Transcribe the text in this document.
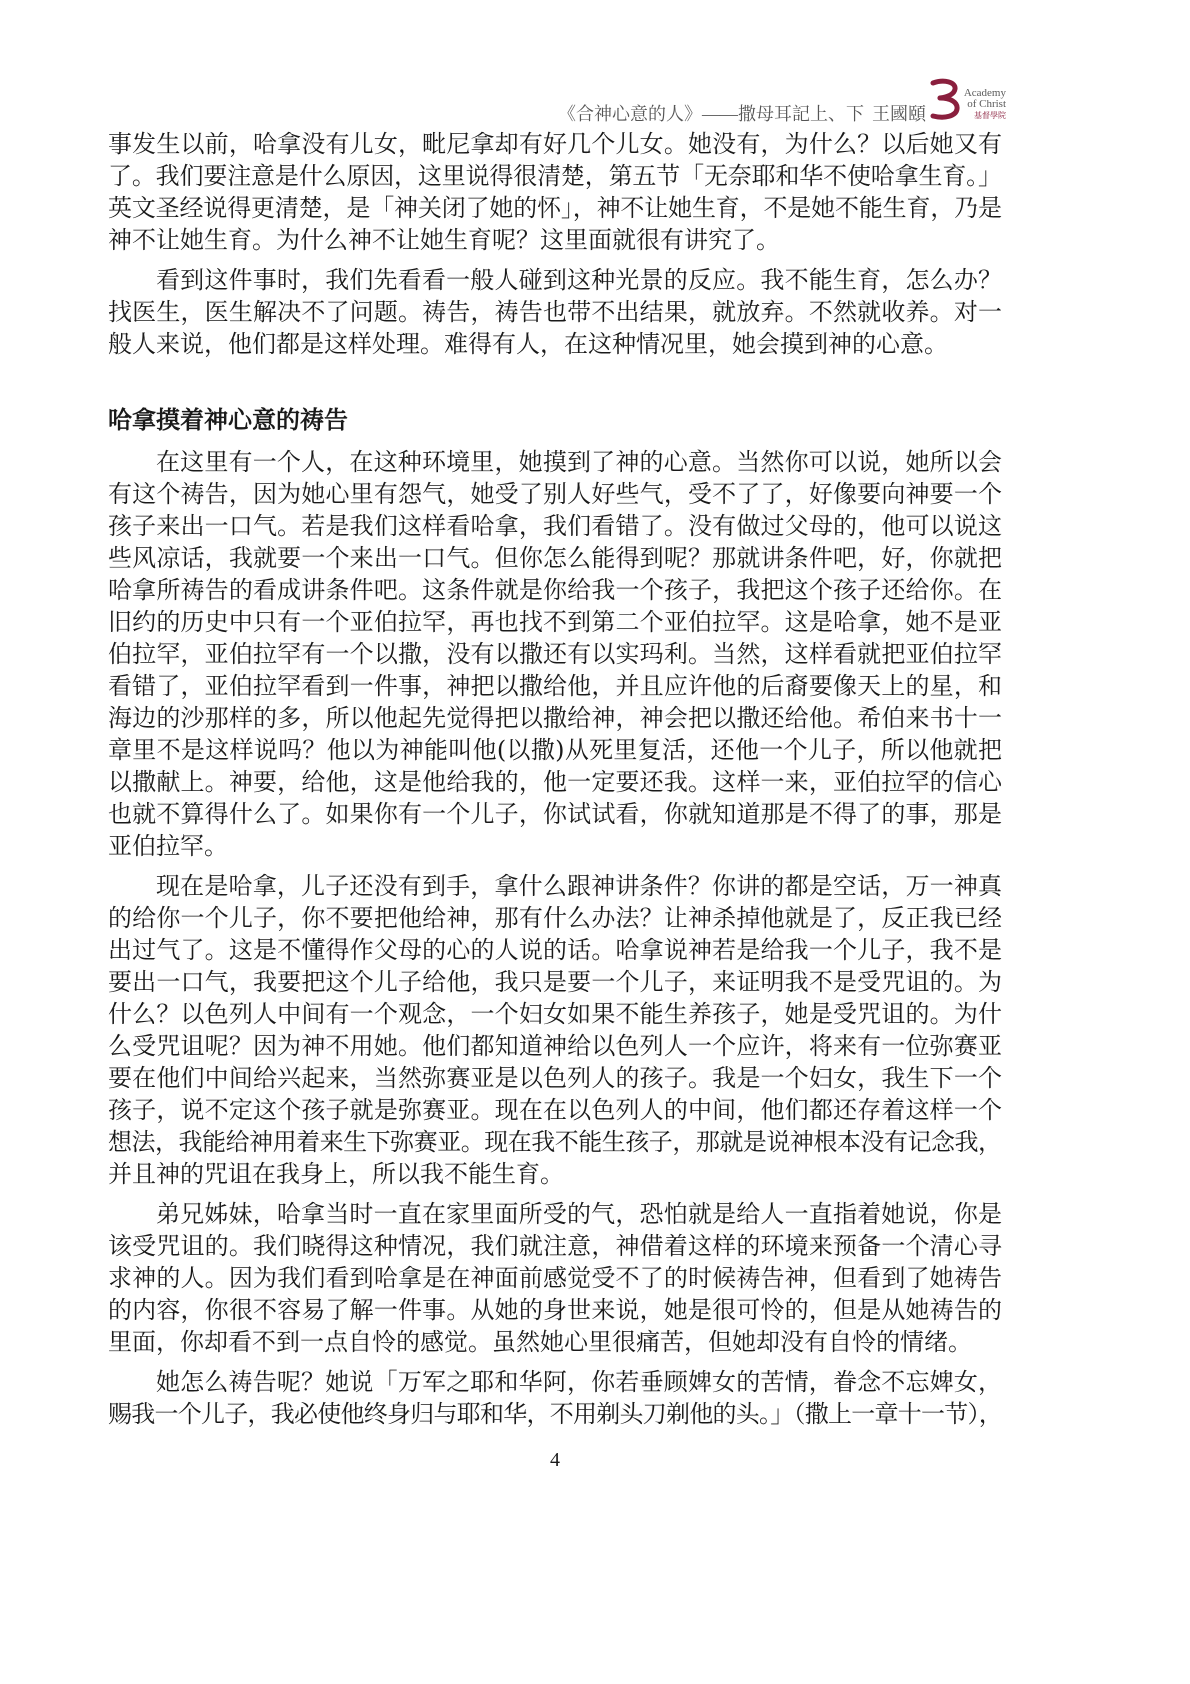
《合神心意的人》——撒母耳記上、下 王國頤
Academy
of Christ
基督學院
事发生以前，哈拿没有儿女，毗尼拿却有好几个儿女。她没有，为什么？以后她又有
了。我们要注意是什么原因，这里说得很清楚，第五节「无奈耶和华不使哈拿生育。」
英文圣经说得更清楚，是「神关闭了她的怀」，神不让她生育，不是她不能生育，乃是
神不让她生育。为什么神不让她生育呢？这里面就很有讲究了。
看到这件事时，我们先看看一般人碰到这种光景的反应。我不能生育，怎么办？
找医生，医生解决不了问题。祷告，祷告也带不出结果，就放弃。不然就收养。对一
般人来说，他们都是这样处理。难得有人，在这种情况里，她会摸到神的心意。
哈拿摸着神心意的祷告
在这里有一个人，在这种环境里，她摸到了神的心意。当然你可以说，她所以会
有这个祷告，因为她心里有怨气，她受了别人好些气，受不了了，好像要向神要一个
孩子来出一口气。若是我们这样看哈拿，我们看错了。没有做过父母的，他可以说这
些风凉话，我就要一个来出一口气。但你怎么能得到呢？那就讲条件吧，好，你就把
哈拿所祷告的看成讲条件吧。这条件就是你给我一个孩子，我把这个孩子还给你。在
旧约的历史中只有一个亚伯拉罕，再也找不到第二个亚伯拉罕。这是哈拿，她不是亚
伯拉罕，亚伯拉罕有一个以撒，没有以撒还有以实玛利。当然，这样看就把亚伯拉罕
看错了，亚伯拉罕看到一件事，神把以撒给他，并且应许他的后裔要像天上的星，和
海边的沙那样的多，所以他起先觉得把以撒给神，神会把以撒还给他。希伯来书十一
章里不是这样说吗？他以为神能叫他(以撒)从死里复活，还他一个儿子，所以他就把
以撒献上。神要，给他，这是他给我的，他一定要还我。这样一来，亚伯拉罕的信心
也就不算得什么了。如果你有一个儿子，你试试看，你就知道那是不得了的事，那是
亚伯拉罕。
现在是哈拿，儿子还没有到手，拿什么跟神讲条件？你讲的都是空话，万一神真
的给你一个儿子，你不要把他给神，那有什么办法？让神杀掉他就是了，反正我已经
出过气了。这是不懂得作父母的心的人说的话。哈拿说神若是给我一个儿子，我不是
要出一口气，我要把这个儿子给他，我只是要一个儿子，来证明我不是受咒诅的。为
什么？以色列人中间有一个观念，一个妇女如果不能生养孩子，她是受咒诅的。为什
么受咒诅呢？因为神不用她。他们都知道神给以色列人一个应许，将来有一位弥赛亚
要在他们中间给兴起来，当然弥赛亚是以色列人的孩子。我是一个妇女，我生下一个
孩子，说不定这个孩子就是弥赛亚。现在在以色列人的中间，他们都还存着这样一个
想法，我能给神用着来生下弥赛亚。现在我不能生孩子，那就是说神根本没有记念我，
并且神的咒诅在我身上，所以我不能生育。
弟兄姊妹，哈拿当时一直在家里面所受的气，恐怕就是给人一直指着她说，你是
该受咒诅的。我们晓得这种情况，我们就注意，神借着这样的环境来预备一个清心寻
求神的人。因为我们看到哈拿是在神面前感觉受不了的时候祷告神，但看到了她祷告
的内容，你很不容易了解一件事。从她的身世来说，她是很可怜的，但是从她祷告的
里面，你却看不到一点自怜的感觉。虽然她心里很痛苦，但她却没有自怜的情绪。
她怎么祷告呢？她说「万军之耶和华阿，你若垂顾婢女的苦情，眷念不忘婢女，
赐我一个儿子，我必使他终身归与耶和华，不用剃头刀剃他的头。」（撒上一章十一节），
4
